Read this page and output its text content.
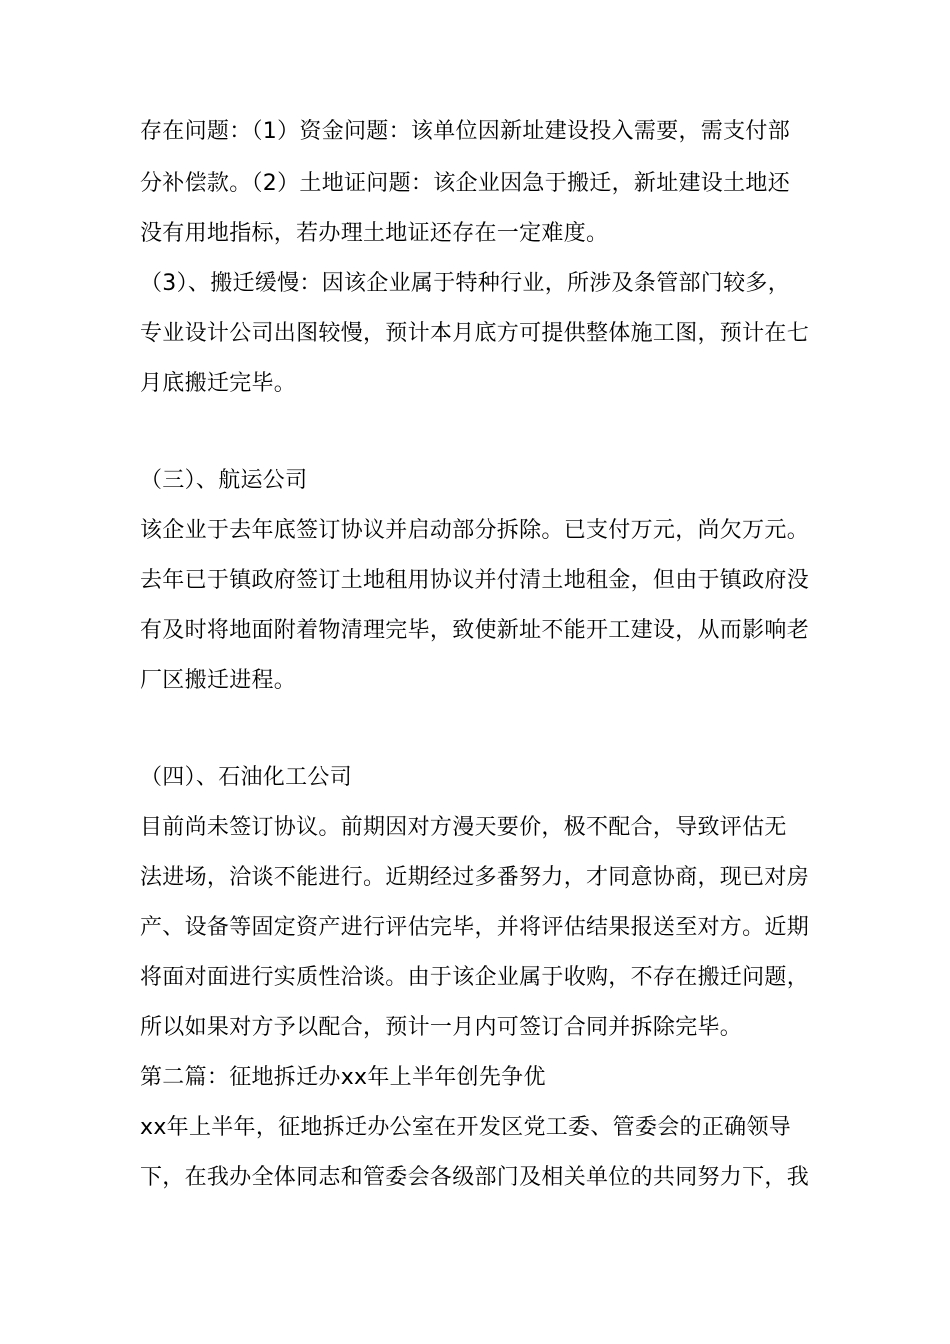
存在问题：（1）资金问题：该单位因新址建设投入需要，需支付部
分补偿款。（2）土地证问题：该企业因急于搬迁，新址建设土地还
没有用地指标，若办理土地证还存在一定难度。
（3）、搬迁缓慢：因该企业属于特种行业，所涉及条管部门较多，
专业设计公司出图较慢，预计本月底方可提供整体施工图，预计在七
月底搬迁完毕。
（三）、航运公司
该企业于去年底签订协议并启动部分拆除。已支付万元，尚欠万元。
去年已于镇政府签订土地租用协议并付清土地租金，但由于镇政府没
有及时将地面附着物清理完毕，致使新址不能开工建设，从而影响老
厂区搬迁进程。
（四）、石油化工公司
目前尚未签订协议。前期因对方漫天要价，极不配合，导致评估无
法进场，洽谈不能进行。近期经过多番努力，才同意协商，现已对房
产、设备等固定资产进行评估完毕，并将评估结果报送至对方。近期
将面对面进行实质性洽谈。由于该企业属于收购，不存在搬迁问题，
所以如果对方予以配合，预计一月内可签订合同并拆除完毕。
第二篇：征地拆迁办xx年上半年创先争优
xx年上半年，征地拆迁办公室在开发区党工委、管委会的正确领导
下，在我办全体同志和管委会各级部门及相关单位的共同努力下，我
